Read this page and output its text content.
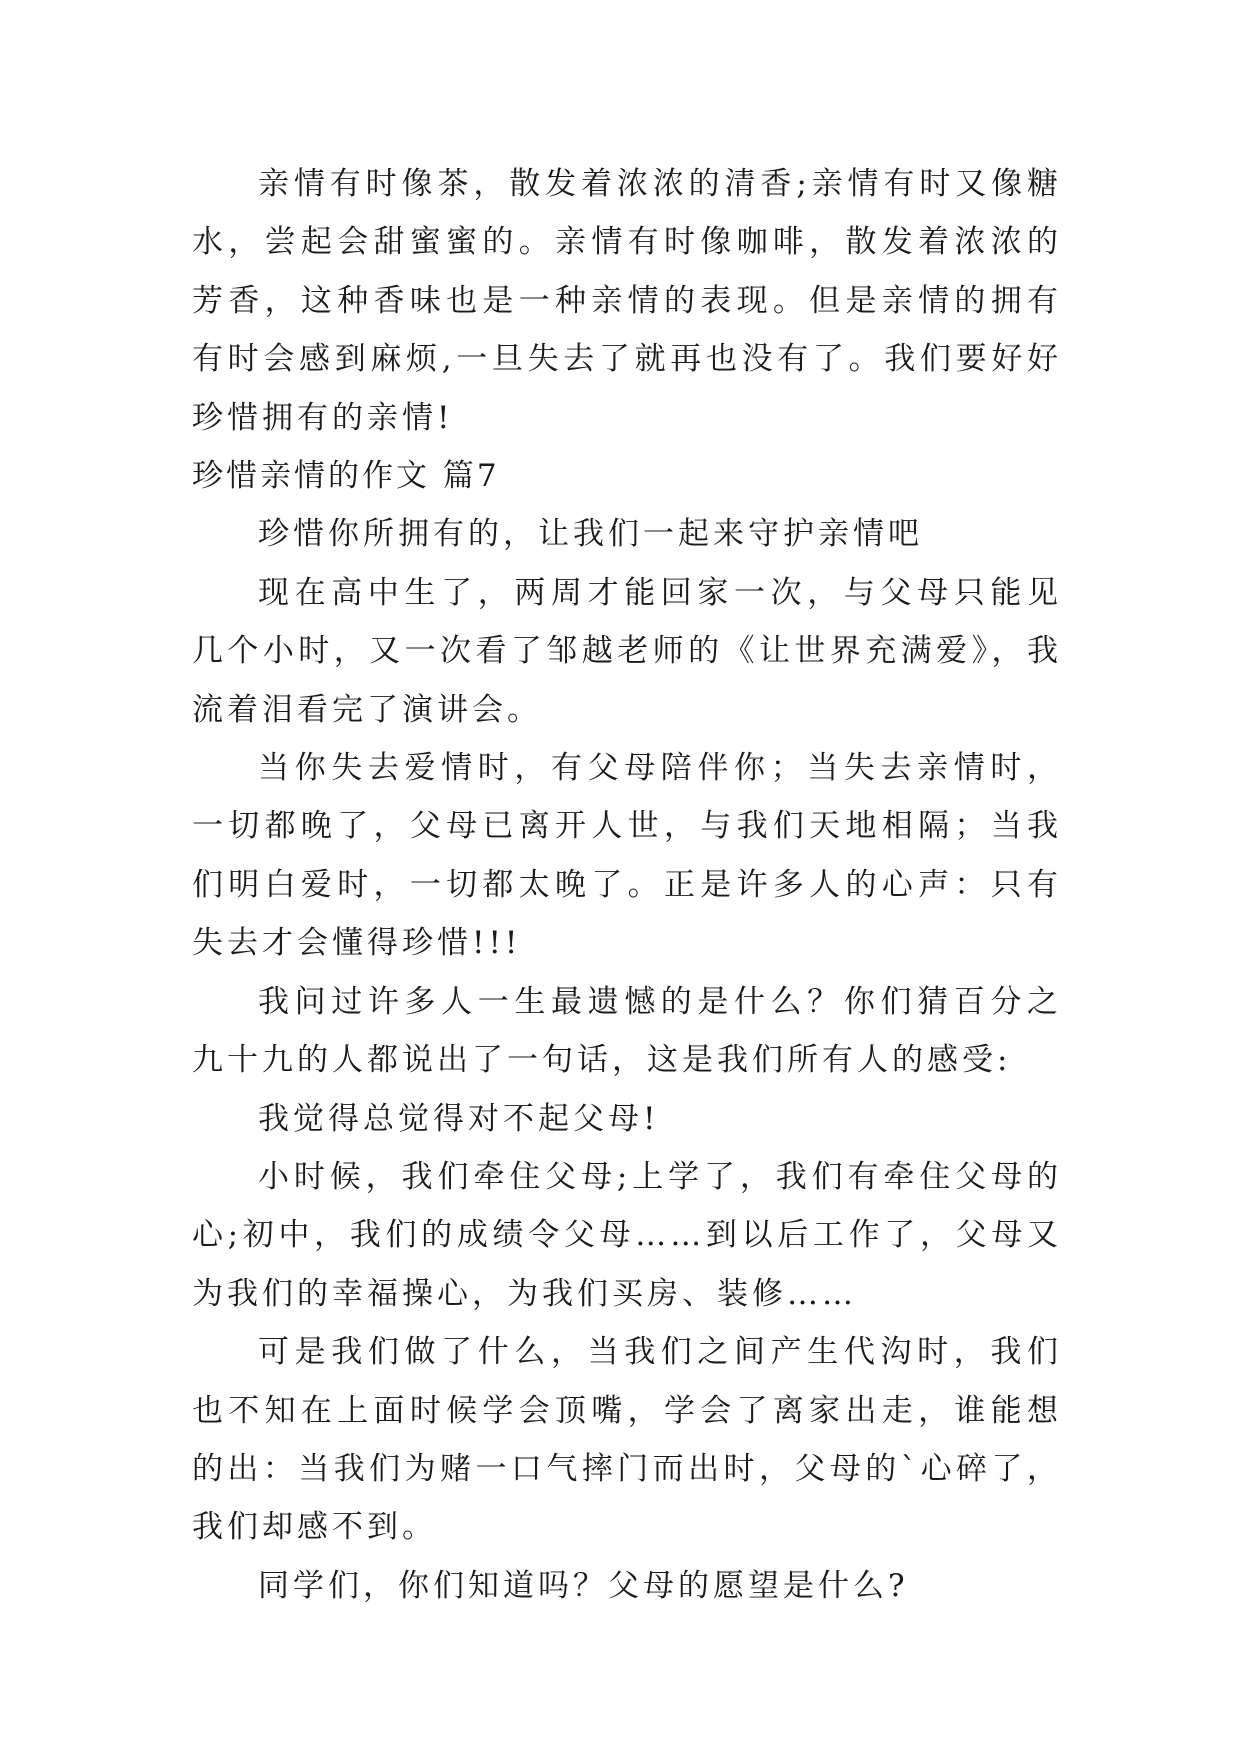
亲情有时像茶，散发着浓浓的清香;亲情有时又像糖水，尝起会甜蜜蜜的。亲情有时像咖啡，散发着浓浓的芳香，这种香味也是一种亲情的表现。但是亲情的拥有有时会感到麻烦,一旦失去了就再也没有了。我们要好好珍惜拥有的亲情!

珍惜亲情的作文 篇7

珍惜你所拥有的，让我们一起来守护亲情吧

现在高中生了，两周才能回家一次，与父母只能见几个小时，又一次看了邹越老师的《让世界充满爱》，我流着泪看完了演讲会。

当你失去爱情时，有父母陪伴你；当失去亲情时，一切都晚了，父母已离开人世，与我们天地相隔；当我们明白爱时，一切都太晚了。正是许多人的心声：只有失去才会懂得珍惜!!!

我问过许多人一生最遗憾的是什么？你们猜百分之九十九的人都说出了一句话，这是我们所有人的感受:

我觉得总觉得对不起父母!

小时候，我们牵住父母;上学了，我们有牵住父母的心;初中，我们的成绩令父母……到以后工作了，父母又为我们的幸福操心，为我们买房、装修……

可是我们做了什么，当我们之间产生代沟时，我们也不知在上面时候学会顶嘴，学会了离家出走，谁能想的出：当我们为赌一口气摔门而出时，父母的`心碎了，我们却感不到。

同学们，你们知道吗？父母的愿望是什么?
